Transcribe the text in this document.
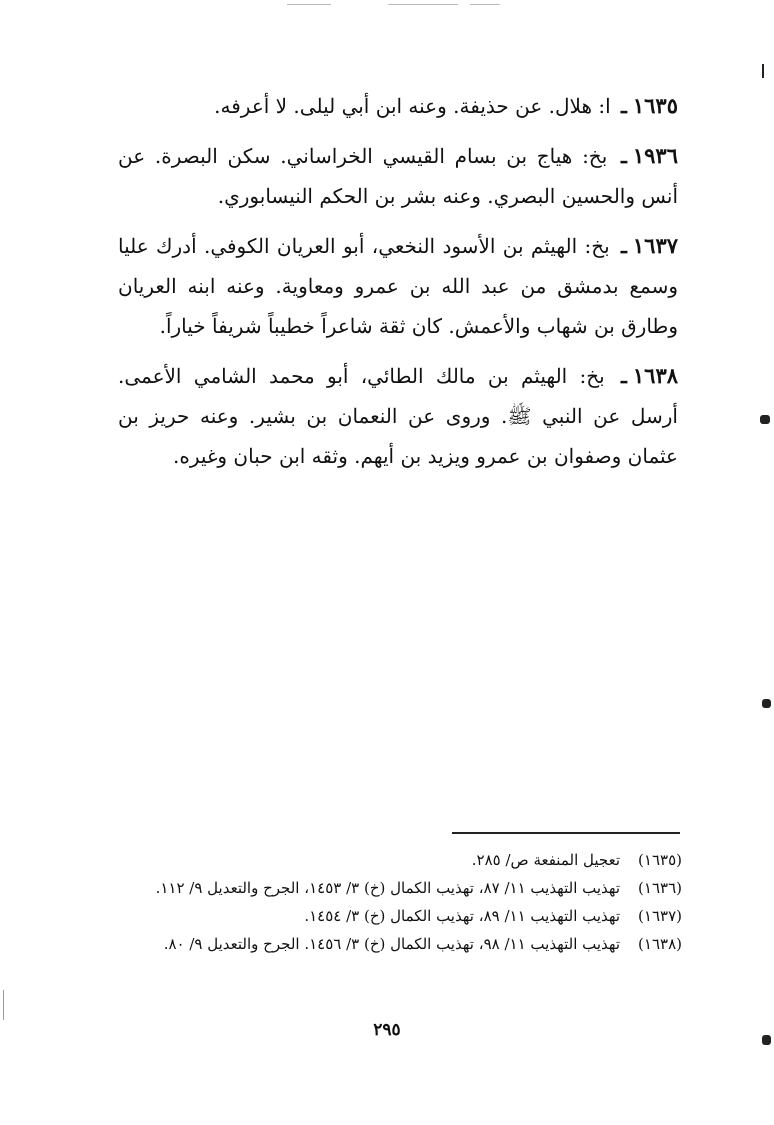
١٦٣٥ـ ا: هلال. عن حذيفة. وعنه ابن أبي ليلى. لا أعرفه.

١٩٣٦ـ بخ: هياج بن بسام القيسي الخراساني. سكن البصرة. عن أنس والحسين البصري. وعنه بشر بن الحكم النيسابوري.

١٦٣٧ـ بخ: الهيثم بن الأسود النخعي، أبو العريان الكوفي. أدرك عليا وسمع بدمشق من عبد الله بن عمرو ومعاوية. وعنه ابنه العريان وطارق بن شهاب والأعمش. كان ثقة شاعراً خطيباً شريفاً خياراً.

١٦٣٨ـ بخ: الهيثم بن مالك الطائي، أبو محمد الشامي الأعمى. أرسل عن النبي ﷺ. وروى عن النعمان بن بشير. وعنه حريز بن عثمان وصفوان بن عمرو ويزيد بن أيهم. وثقه ابن حبان وغيره.

(١٦٣٥)
تعجيل المنفعة ص/ ٢٨٥.
(١٦٣٦)
تهذيب التهذيب ١١/ ٨٧، تهذيب الكمال (خ) ٣/ ١٤٥٣، الجرح والتعديل ٩/ ١١٢.
(١٦٣٧)
تهذيب التهذيب ١١/ ٨٩، تهذيب الكمال (خ) ٣/ ١٤٥٤.
(١٦٣٨)
تهذيب التهذيب ١١/ ٩٨، تهذيب الكمال (خ) ٣/ ١٤٥٦. الجرح والتعديل ٩/ ٨٠.
٢٩٥
